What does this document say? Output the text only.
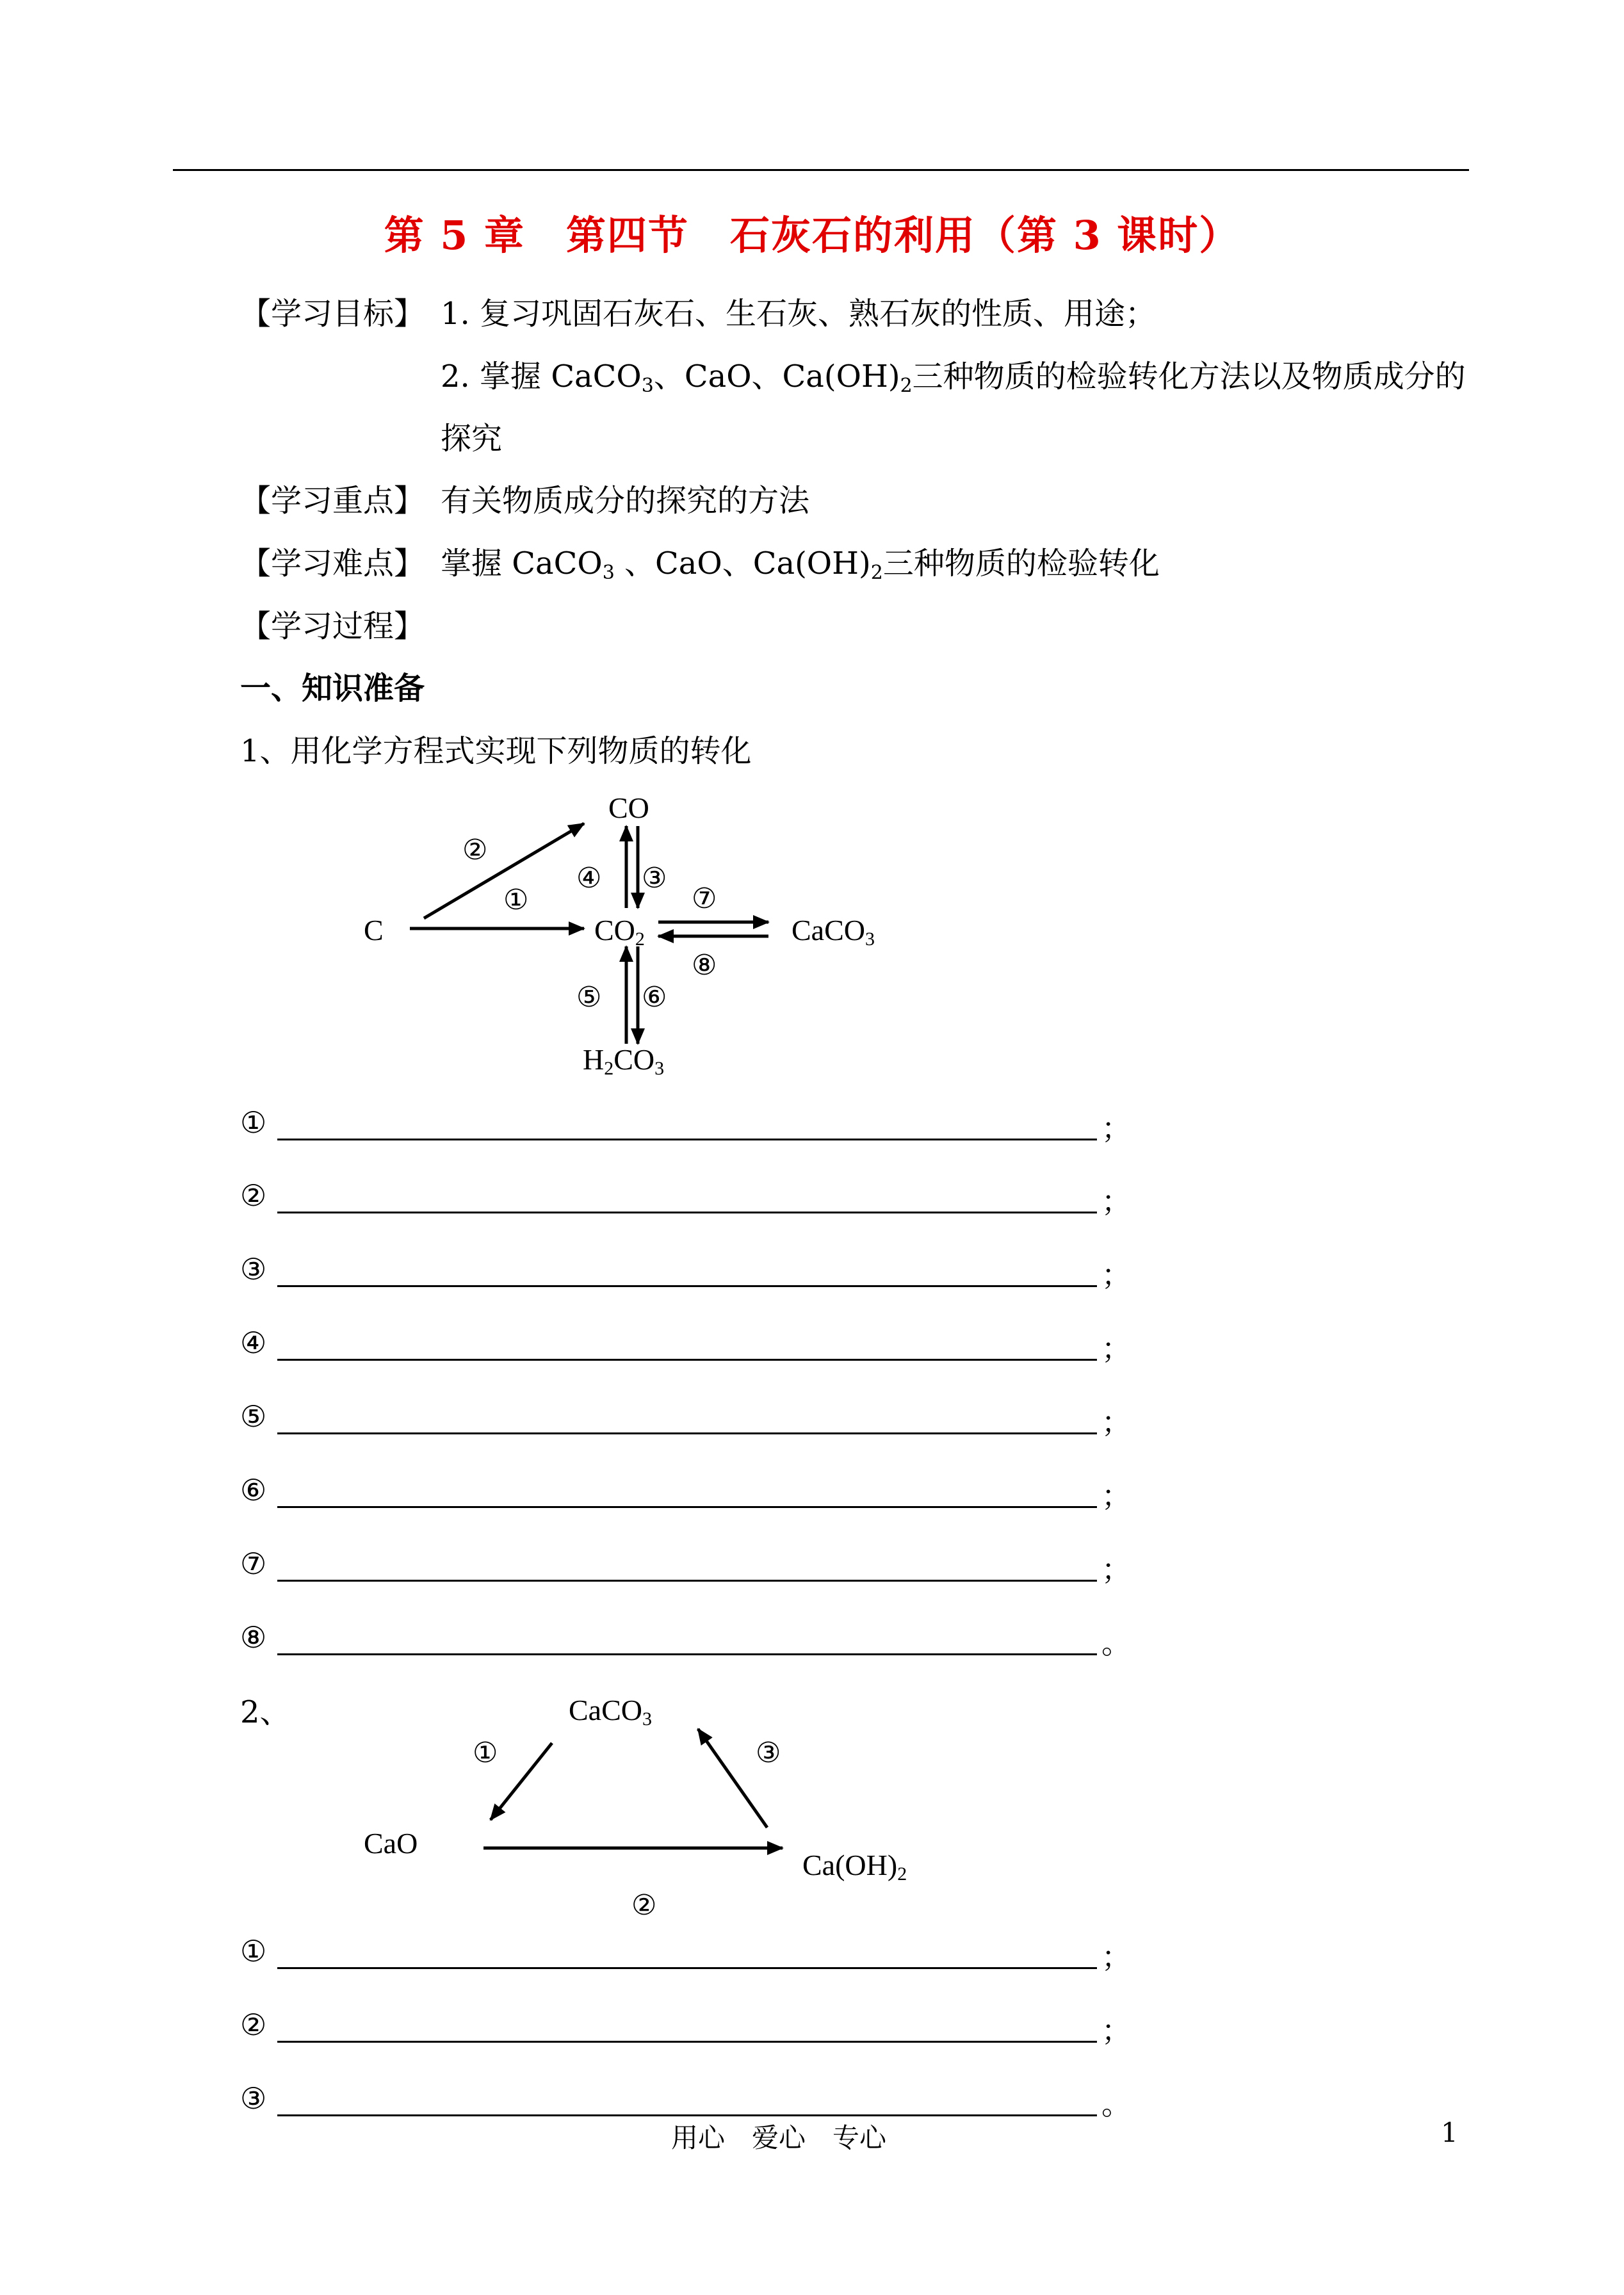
第 5 章　第四节　石灰石的利用（第 3 课时）
【学习目标】 1. 复习巩固石灰石、生石灰、熟石灰的性质、用途；
2. 掌握 CaCO$_3$、CaO、$Ca(OH)_2$三种物质的检验转化方法以及物质成分的
探究
【学习重点】 有关物质成分的探究的方法
【学习难点】 掌握 CaCO$_3$ 、CaO、$Ca(OH)_2$三种物质的检验转化
【学习过程】
一、知识准备
1、用化学方程式实现下列物质的转化
C
CO
$CO_2$	CaCO$_3$
$H_2CO_3$
①
②
③
④
⑤ ⑥
⑦
⑧
①	；
②	；
③	；
④	；
⑤	；
⑥	；
⑦	；
⑧	。
2、	CaCO$_3$
CaO
$Ca(OH)_2$
①
②
③
①	；
②	；
③	。
用心　爱心　专心	1
